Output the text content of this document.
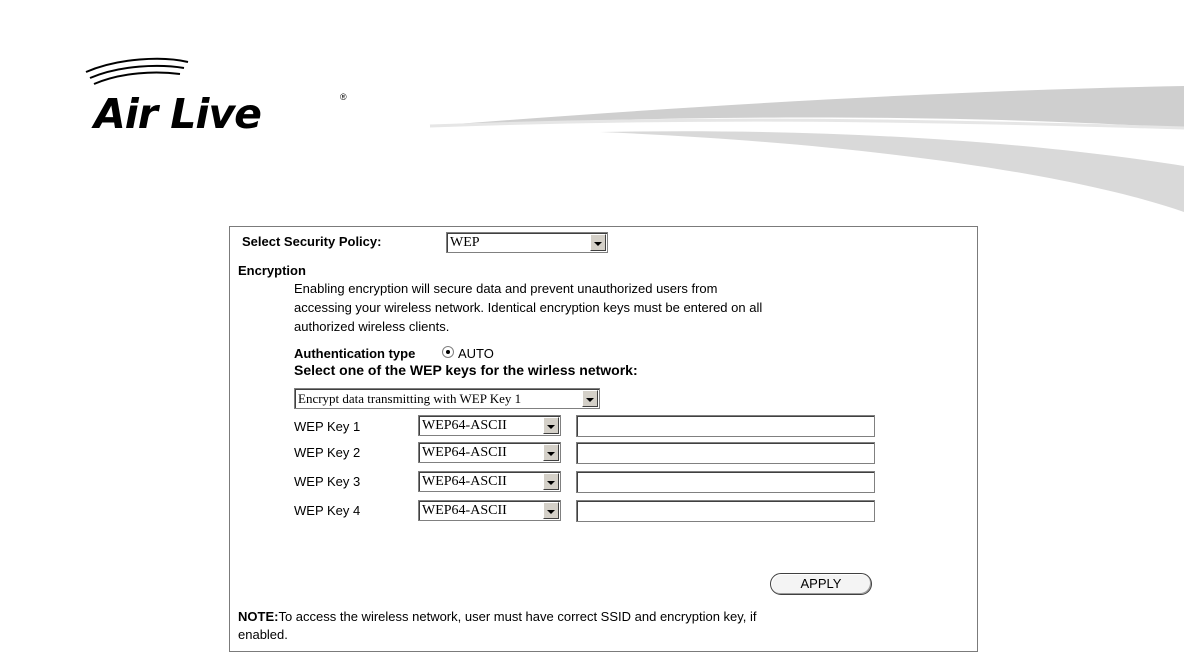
Air Live	®
Select Security Policy:	WEP
Encryption
Enabling encryption will secure data and prevent unauthorized users from
accessing your wireless network. Identical encryption keys must be entered on all
authorized wireless clients.
Authentication type	AUTO
Select one of the WEP keys for the wirless network:
Encrypt data transmitting with WEP Key 1
WEP Key 1	WEP64-ASCII
WEP Key 2	WEP64-ASCII
WEP Key 3	WEP64-ASCII
WEP Key 4	WEP64-ASCII
APPLY
NOTE:To access the wireless network, user must have correct SSID and encryption key, if
enabled.
